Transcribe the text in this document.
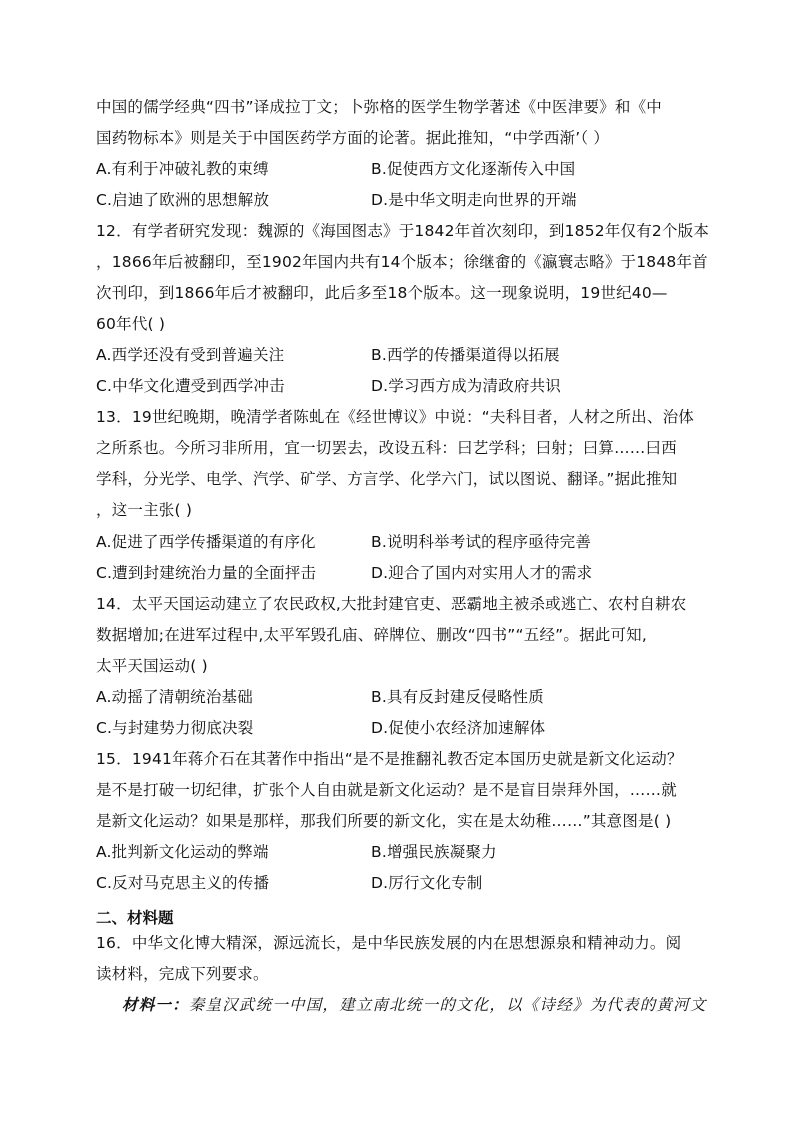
中国的儒学经典“四书”译成拉丁文；卜弥格的医学生物学著述《中医津要》和《中
国药物标本》则是关于中国医药学方面的论著。据此推知，“中学西渐’（ ）
A.有利于冲破礼教的束缚	B.促使西方文化逐渐传入中国
C.启迪了欧洲的思想解放	D.是中华文明走向世界的开端
12．有学者研究发现：魏源的《海国图志》于1842年首次刻印，到1852年仅有2个版本
，1866年后被翻印，至1902年国内共有14个版本；徐继畬的《瀛寰志略》于1848年首
次刊印，到1866年后才被翻印，此后多至18个版本。这一现象说明，19世纪40—
60年代( )
A.西学还没有受到普遍关注	B.西学的传播渠道得以拓展
C.中华文化遭受到西学冲击	D.学习西方成为清政府共识
13．19世纪晚期，晚清学者陈虬在《经世博议》中说：“夫科目者，人材之所出、治体
之所系也。今所习非所用，宜一切罢去，改设五科：曰艺学科；曰射；曰算……曰西
学科，分光学、电学、汽学、矿学、方言学、化学六门，试以图说、翻译。”据此推知
，这一主张( )
A.促进了西学传播渠道的有序化	B.说明科举考试的程序亟待完善
C.遭到封建统治力量的全面抨击	D.迎合了国内对实用人才的需求
14．太平天国运动建立了农民政权,大批封建官吏、恶霸地主被杀或逃亡、农村自耕农
数据增加;在进军过程中,太平军毁孔庙、碎牌位、删改“四书”“五经”。据此可知,
太平天国运动( )
A.动摇了清朝统治基础	B.具有反封建反侵略性质
C.与封建势力彻底决裂	D.促使小农经济加速解体
15．1941年蒋介石在其著作中指出“是不是推翻礼教否定本国历史就是新文化运动？
是不是打破一切纪律，扩张个人自由就是新文化运动？是不是盲目崇拜外国，……就
是新文化运动？如果是那样，那我们所要的新文化，实在是太幼稚……”其意图是( )
A.批判新文化运动的弊端	B.增强民族凝聚力
C.反对马克思主义的传播	D.厉行文化专制
二、材料题
16．中华文化博大精深，源远流长，是中华民族发展的内在思想源泉和精神动力。阅
读材料，完成下列要求。
材料一：秦皇汉武统一中国，建立南北统一的文化，以《诗经》为代表的黄河文
